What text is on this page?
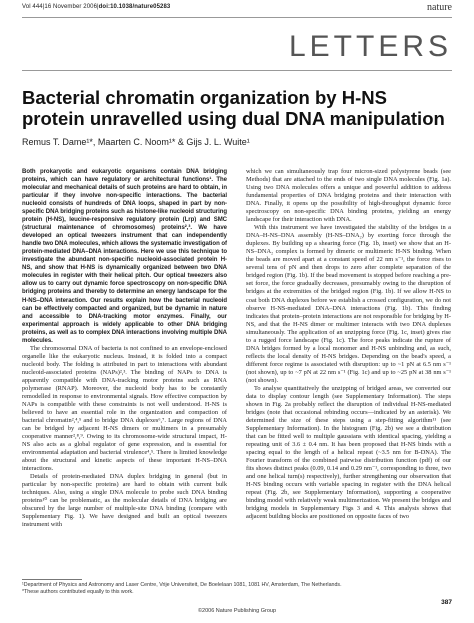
Vol 444|16 November 2006|doi:10.1038/nature05283	nature
LETTERS
Bacterial chromatin organization by H-NS protein unravelled using dual DNA manipulation
Remus T. Dame¹*, Maarten C. Noom¹* & Gijs J. L. Wuite¹

Both prokaryotic and eukaryotic organisms contain DNA bridging proteins, which can have regulatory or architectural functions¹. The molecular and mechanical details of such proteins are hard to obtain, in particular if they involve non-specific interactions. The bacterial nucleoid consists of hundreds of DNA loops, shaped in part by non-specific DNA bridging proteins such as histone-like nucleoid structuring protein (H-NS), leucine-responsive regulatory protein (Lrp) and SMC (structural maintenance of chromosomes) proteins²,³. We have developed an optical tweezers instrument that can independently handle two DNA molecules, which allows the systematic investigation of protein-mediated DNA–DNA interactions. Here we use this technique to investigate the abundant non-specific nucleoid-associated protein H-NS, and show that H-NS is dynamically organized between two DNA molecules in register with their helical pitch. Our optical tweezers also allow us to carry out dynamic force spectroscopy on non-specific DNA bridging proteins and thereby to determine an energy landscape for the H-NS–DNA interaction. Our results explain how the bacterial nucleoid can be effectively compacted and organized, but be dynamic in nature and accessible to DNA-tracking motor enzymes. Finally, our experimental approach is widely applicable to other DNA bridging proteins, as well as to complex DNA interactions involving multiple DNA molecules.

The chromosomal DNA of bacteria is not confined to an envelope-enclosed organelle like the eukaryotic nucleus. Instead, it is folded into a compact nucleoid body. The folding is attributed in part to interactions with abundant nucleoid-associated proteins (NAPs)²,³. The binding of NAPs to DNA is apparently compatible with DNA-tracking motor proteins such as RNA polymerase (RNAP). Moreover, the nucleoid body has to be constantly remodelled in response to environmental signals. How effective compaction by NAPs is compatible with these constraints is not well understood. H-NS is believed to have an essential role in the organization and compaction of bacterial chromatin²,⁴,⁵ and to bridge DNA duplexes⁶,⁷. Large regions of DNA can be bridged by adjacent H-NS dimers or multimers in a presumably cooperative manner²,⁸,⁹. Owing to its chromosome-wide structural impact, H-NS also acts as a global regulator of gene expression, and is essential for environmental adaptation and bacterial virulence⁴,⁵. There is limited knowledge about the structural and kinetic aspects of these important H-NS–DNA interactions.

Details of protein-mediated DNA duplex bridging in general (but in particular by non-specific proteins) are hard to obtain with current bulk techniques. Also, using a single DNA molecule to probe such DNA binding proteins¹⁰ can be problematic, as the molecular details of DNA bridging are obscured by the large number of multiple-site DNA binding (compare with Supplementary Fig. 1). We have designed and built an optical tweezers instrument with

which we can simultaneously trap four micron-sized polystyrene beads (see Methods) that are attached to the ends of two single DNA molecules (Fig. 1a). Using two DNA molecules offers a unique and powerful addition to address fundamental properties of DNA bridging proteins and their interaction with DNA. Finally, it opens up the possibility of high-throughput dynamic force spectroscopy on non-specific DNA binding proteins, yielding an energy landscape for their interaction with DNA.

With this instrument we have investigated the stability of the bridges in a DNA–H-NS–DNA assembly (H-NS–DNA₂) by exerting force through the duplexes. By building up a shearing force (Fig. 1b, inset) we show that an H-NS–DNA₂ complex is formed by dimeric or multimeric H-NS binding. When the beads are moved apart at a constant speed of 22 nm s⁻¹, the force rises to several tens of pN and then drops to zero after complete separation of the bridged region (Fig. 1b). If the bead movement is stopped before reaching a pre-set force, the force gradually decreases, presumably owing to the disruption of bridges at the extremities of the bridged region (Fig. 1b). If we allow H-NS to coat both DNA duplexes before we establish a crossed configuration, we do not observe H-NS-mediated DNA–DNA interactions (Fig. 1b). This finding indicates that protein–protein interactions are not responsible for bridging by H-NS, and that the H-NS dimer or multimer interacts with two DNA duplexes simultaneously. The application of an unzipping force (Fig. 1c, inset) gives rise to a rugged force landscape (Fig. 1c). The force peaks indicate the rupture of DNA bridges formed by a local monomer and H-NS unbinding and, as such, reflects the local density of H-NS bridges. Depending on the bead's speed, a different force regime is associated with disruption: up to ~1 pN at 6.5 nm s⁻¹ (not shown), up to ~7 pN at 22 nm s⁻¹ (Fig. 1c) and up to ~25 pN at 38 nm s⁻¹ (not shown).

To analyse quantitatively the unzipping of bridged areas, we converted our data to display contour length (see Supplementary Information). The steps shown in Fig. 2a probably reflect the disruption of individual H-NS-mediated bridges (note that occasional rebinding occurs—indicated by an asterisk). We determined the size of these steps using a step-fitting algorithm¹¹ (see Supplementary Information). In the histogram (Fig. 2b) we see a distribution that can be fitted well to multiple gaussians with identical spacing, yielding a repeating unit of 3.6 ± 0.4 nm. It has been proposed that H-NS binds with a spacing equal to the length of a helical repeat (~3.5 nm for B-DNA). The Fourier transform of the combined pairwise distribution function (pdf) of our fits shows distinct peaks (0.09, 0.14 and 0.29 nm⁻¹, corresponding to three, two and one helical turn(s) respectively), further strengthening our observation that H-NS binding occurs with variable spacing in register with the DNA helical repeat (Fig. 2b, see Supplementary Information), supporting a cooperative binding model with relatively weak multimerization. We present the bridges and bridging models in Supplementary Figs 3 and 4. This analysis shows that adjacent building blocks are positioned on opposite faces of two

¹Department of Physics and Astronomy and Laser Centre, Vrije Universiteit, De Boelelaan 1081, 1081 HV, Amsterdam, The Netherlands.
*These authors contributed equally to this work.
387
©2006 Nature Publishing Group
